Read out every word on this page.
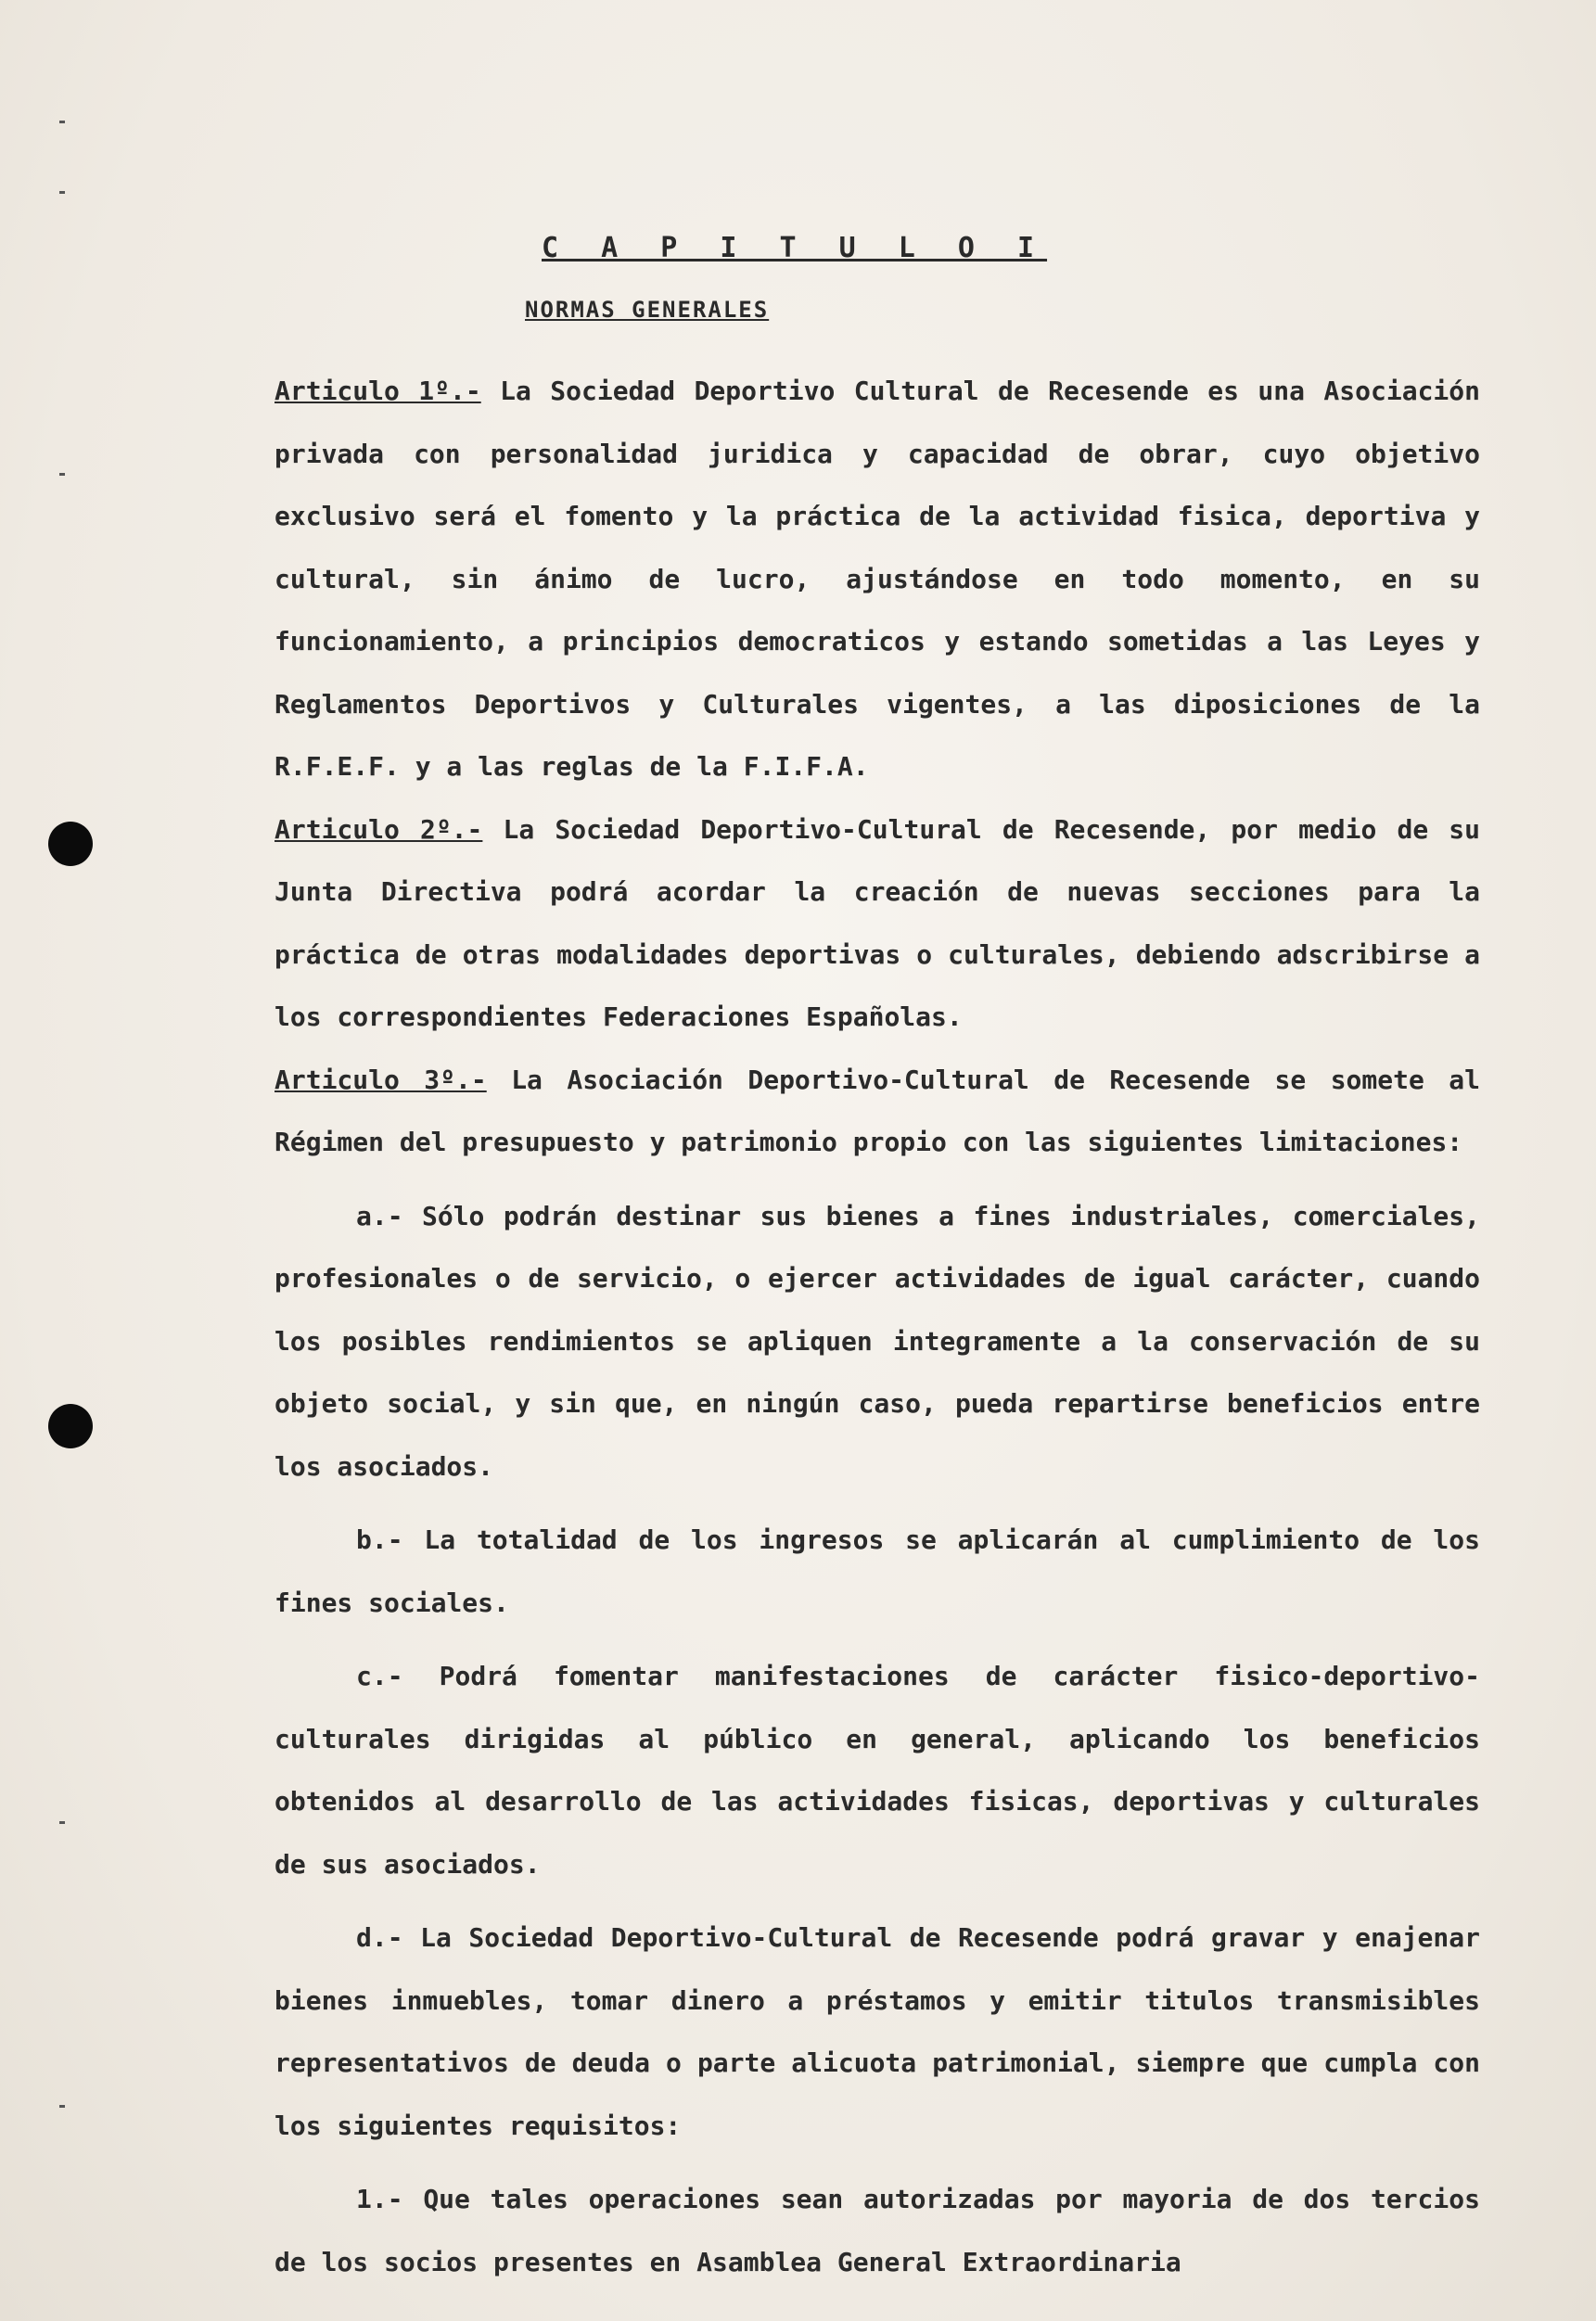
C A P I T U L O I
NORMAS GENERALES

Articulo 1º.- La Sociedad Deportivo Cultural de Recesende es una Asociación privada con personalidad juridica y capacidad de obrar, cuyo objetivo exclusivo será el fomento y la práctica de la actividad fisica, deportiva y cultural, sin ánimo de lucro, ajustándose en todo momento, en su funcionamiento, a principios democraticos y estando sometidas a las Leyes y Reglamentos Deportivos y Culturales vigentes, a las diposiciones de la R.F.E.F. y a las reglas de la F.I.F.A.

Articulo 2º.- La Sociedad Deportivo-Cultural de Recesende, por medio de su Junta Directiva podrá acordar la creación de nuevas secciones para la práctica de otras modalidades deportivas o culturales, debiendo adscribirse a los correspondientes Federaciones Españolas.

Articulo 3º.- La Asociación Deportivo-Cultural de Recesende se somete al Régimen del presupuesto y patrimonio propio con las siguientes limitaciones:

a.- Sólo podrán destinar sus bienes a fines industriales, comerciales, profesionales o de servicio, o ejercer actividades de igual carácter, cuando los posibles rendimientos se apliquen integramente a la conservación de su objeto social, y sin que, en ningún caso, pueda repartirse beneficios entre los asociados.

b.- La totalidad de los ingresos se aplicarán al cumplimiento de los fines sociales.

c.- Podrá fomentar manifestaciones de carácter fisico-deportivo-culturales dirigidas al público en general, aplicando los beneficios obtenidos al desarrollo de las actividades fisicas, deportivas y culturales de sus asociados.

d.- La Sociedad Deportivo-Cultural de Recesende podrá gravar y enajenar bienes inmuebles, tomar dinero a préstamos y emitir titulos transmisibles representativos de deuda o parte alicuota patrimonial, siempre que cumpla con los siguientes requisitos:

1.- Que tales operaciones sean autorizadas por mayoria de dos tercios de los socios presentes en Asamblea General Extraordinaria
